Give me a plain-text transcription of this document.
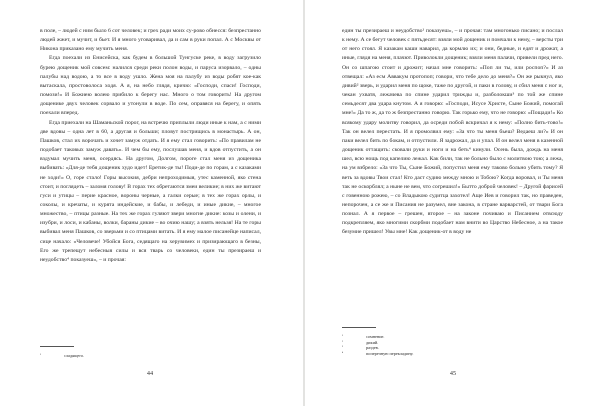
в поле, – людей с ним было 6 сот человек; и грех ради моих су-рово обнесся: безпрестанно людей жжет, и мучит, и бьет. И я много уговаривал, да и сам в руки попал. А с Москвы от Никона приказано ему мучить меня.

Егда поехали из Енисейска, как будем в большой Тунгуске реке, в воду загрузило бурею дощеник мой совсем: налился среди реки полон воды, и паруса изорвало, – одны палубы над водою, а то все в воду ушло. Жена моя на палубу из воды робят кое-как вытаскала, простоволоса ходя. А я, на небо глядя, кричю: «Господи, спаси! Господи, помози!» И Божиею волею прибило к берегу нас. Много о том говорить! На другом дощенике двух человек сорвало и утонули в воде. По сем, оправяся на берегу, и опять поехали вперед.

Егда приехали на Шаманьской порог, на встречю приплыли люди иные к нам, а с ними две вдовы – одна лет в 60, а другая и больши; пловут пострищись в монастырь. А он, Пашков, стал их ворочать и хочет замуж отдать. И я ему стал говорить: «По правилам не подобает таковых замуж давать». И чем бы ему, послушав меня, и вдов отпустить, а он вздумал мучить меня, осердясь. На другом, Долгом, пороге стал меня из дощеника выбивать: «Для-де тебя дощеник худо идет! Еретик-де ты! Поди-де по горам, а с казаками не ходи!» О, горе стало! Горы высокия, дебри непроходимыя, утес каменной, яко стена стоит, и поглядеть – заломя голову! В горах тех обретаются змеи великие; в них же витают гуси и утицы – перие красное, вороны черные, а галки серые; в тех же горах орлы, и соколы, и кречаты, и курята индейские, и бабы, и лебеди, и иные дикие, – многое множество, – птицы разные. На тех же горах гуляют звери многие дикие: козы и олени, и изубри, и лоси, и кабаны, волки, бараны дикие – во очию нашу; а взять нельзя! На те горы выбивал меня Пашков, со зверьми и со птицами витать. И я ему малое писанейце написал, сице начало: «Человече! Убойся Бога, седящаго на херувимех и призирающаго в безны, Его же трепещут небесныя силы и вся тварь со человеки, един ты презираеш и неудобство⁴ показуеш», – и прочая:

¹	сладящего.
44

един ты презираеш и неудобство¹ показуеш», – и прочая: там многонько писано; и послал к нему. А се бегут человек с пятьдесят: взяли мой дощеник и помчали к нему, – версты три от него стоял. Я казакам каши наварил, да кормлю их; и они, бедные, и едят и дрожат, а иные, глядя на меня, плачют. Приволокли дощеник; взяли меня палачи, привели пред него. Он со шпагою стоит и дрожит; начал мне говорить: «Поп ли ты, или роспоп?» И аз отвещал: «Аз есм Аввакум протопоп; говори, что тебе дело до меня?» Он же рыкнул, яко дивий² зверь, и ударил меня по щоке, таже по другой, и паки в голову, и сбил меня с ног и, чекан ухватя, лежачева по спине ударил трижды и, разболокши³ по той же спине семьдесят два удара кнутом. А я говорю: «Господи, Исусе Христе, Сыне Божий, помогай мне!» Да то ж, да то ж безпрестанно говорю. Так горько ему, что не говорю: «Пощади!» Ко всякому удару молитву говорил, да осреди побой вскричал я к нему: «Полно бить-тово!» Так он велел перестать. И я промолвил ему: «За что ты меня бьеш? Ведаеш ли?» И он паки велел бить по бокам, и отпустили. Я задрожал, да и упал. И он велел меня в казенной дощеник оттащить: сковали руки и ноги и на беть⁴ кинули. Осень была, дождь на меня шел, всю нощь под капелию лежал. Как били, так не больно было с молитвою тою; а лежа, на ум взбрело: «За что Ты, Сыне Божий, попустил меня ему таково больно убить тому? Я веть за вдовы Твои стал! Кто даст судию между мною и Тобою? Когда воровал, и Ты меня так не оскорблял; а ныне не вем, что согрешил!» Бытто доброй человек! – Другой фарисей с говенною рожею, – со Владыкою судитца захотел! Аще Иев и говорил так, но праведен, непорочен, а се же и Писания не разумел, вне закона, в стране варварстей, от твари Бога познал. А я первое – грешен, второе – на законе почиваю и Писанием отвсюду подкрепляем, яко многими скорбми подобает нам внити во Царство Небесное, а на такое безумие пришел! Увы мне! Как дощеник-от в воду не

¹	сомнение.
²	дикий.
³	раздев.
⁴	поперечную перекладину.
45
